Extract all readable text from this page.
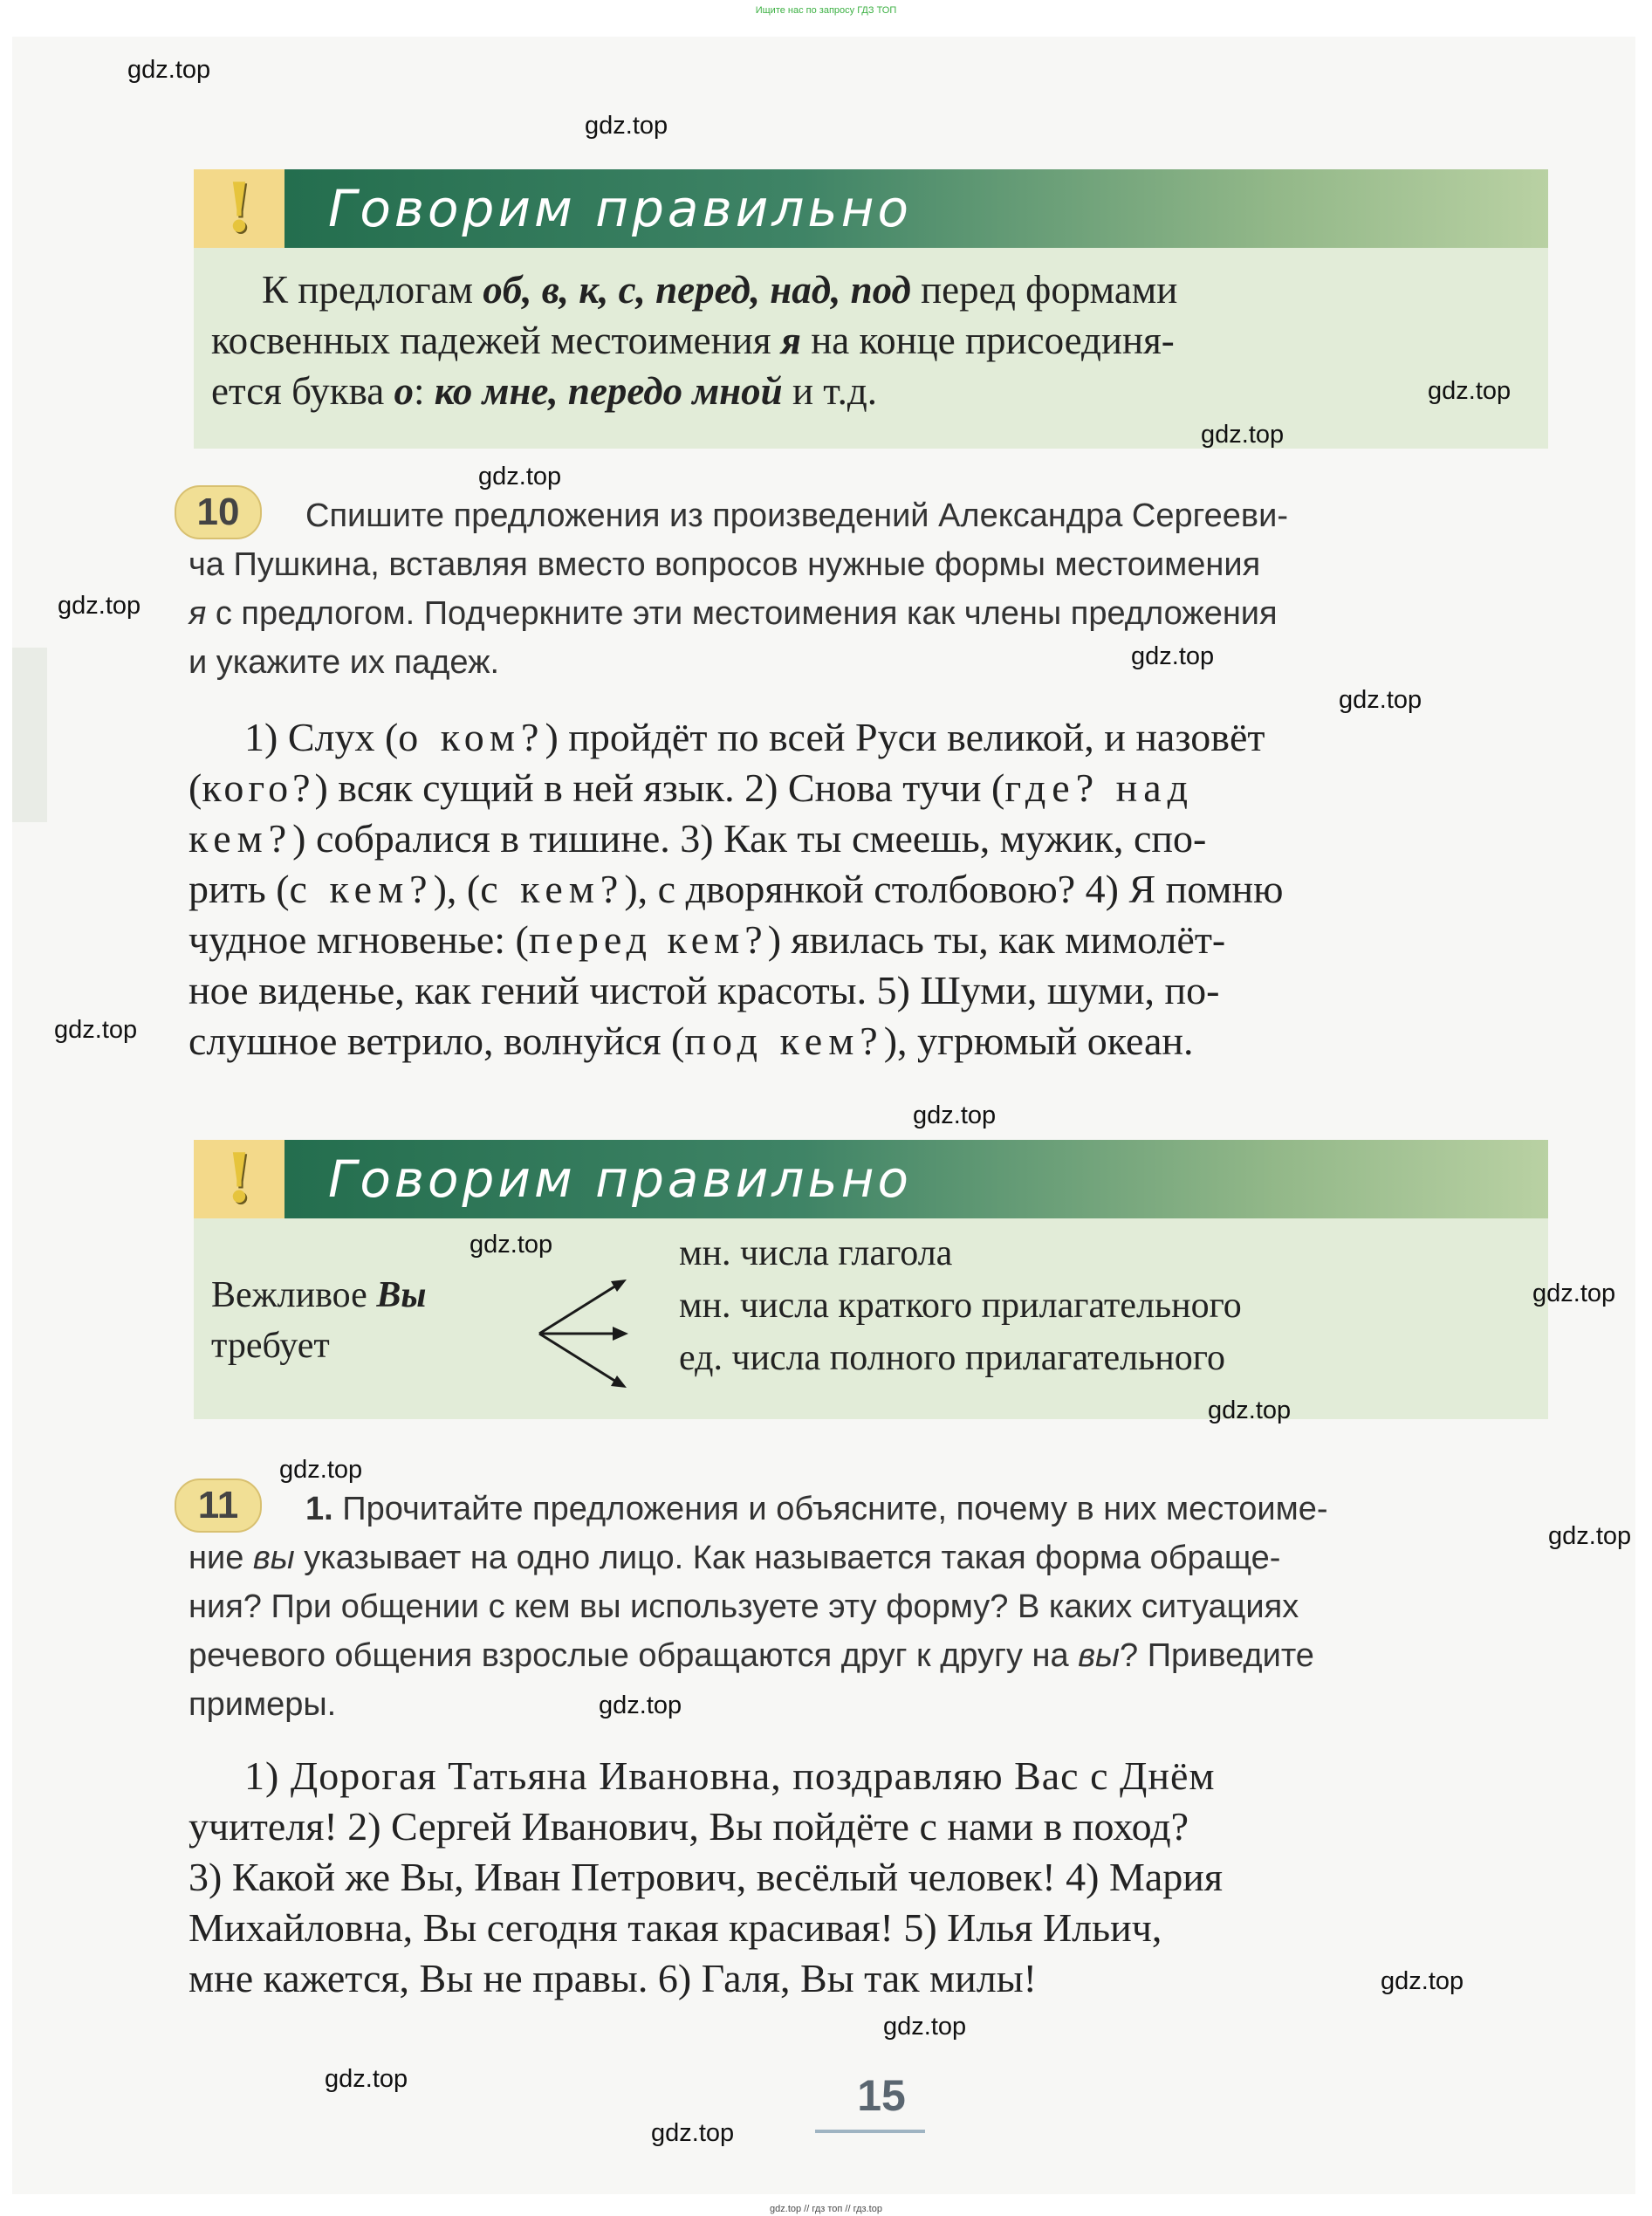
Ищите нас по запросу ГДЗ ТОП
!	Говорим правильно
К предлогам об, в, к, с, перед, над, под перед формами
косвенных падежей местоимения я на конце присоединя-
ется буква о: ко мне, передо мной и т.д.
10	Спишите предложения из произведений Александра Сергееви-
ча Пушкина, вставляя вместо вопросов нужные формы местоимения
я с предлогом. Подчеркните эти местоимения как члены предложения
и укажите их падеж.
1) Слух (о ком?) пройдёт по всей Руси великой, и назовёт
(кого?) всяк сущий в ней язык. 2) Снова тучи (где? над
кем?) собралися в тишине. 3) Как ты смеешь, мужик, спо-
рить (с кем?), (с кем?), с дворянкой столбовою? 4) Я помню
чудное мгновенье: (перед кем?) явилась ты, как мимолёт-
ное виденье, как гений чистой красоты. 5) Шуми, шуми, по-
слушное ветрило, волнуйся (под кем?), угрюмый океан.
!	Говорим правильно
Вежливое Вы
требует
мн. числа глагола
мн. числа краткого прилагательного
ед. числа полного прилагательного
11	1. Прочитайте предложения и объясните, почему в них местоиме-
ние вы указывает на одно лицо. Как называется такая форма обраще-
ния? При общении с кем вы используете эту форму? В каких ситуациях
речевого общения взрослые обращаются друг к другу на вы? Приведите
примеры.
1) Дорогая Татьяна Ивановна, поздравляю Вас с Днём
учителя! 2) Сергей Иванович, Вы пойдёте с нами в поход?
3) Какой же Вы, Иван Петрович, весёлый человек! 4) Мария
Михайловна, Вы сегодня такая красивая! 5) Илья Ильич,
мне кажется, Вы не правы. 6) Галя, Вы так милы!
15
gdz.top
gdz.top
gdz.top
gdz.top
gdz.top
gdz.top
gdz.top
gdz.top
gdz.top
gdz.top
gdz.top
gdz.top
gdz.top
gdz.top
gdz.top
gdz.top
gdz.top
gdz.top
gdz.top
gdz.top
gdz.top // гдз топ // гдз.top
